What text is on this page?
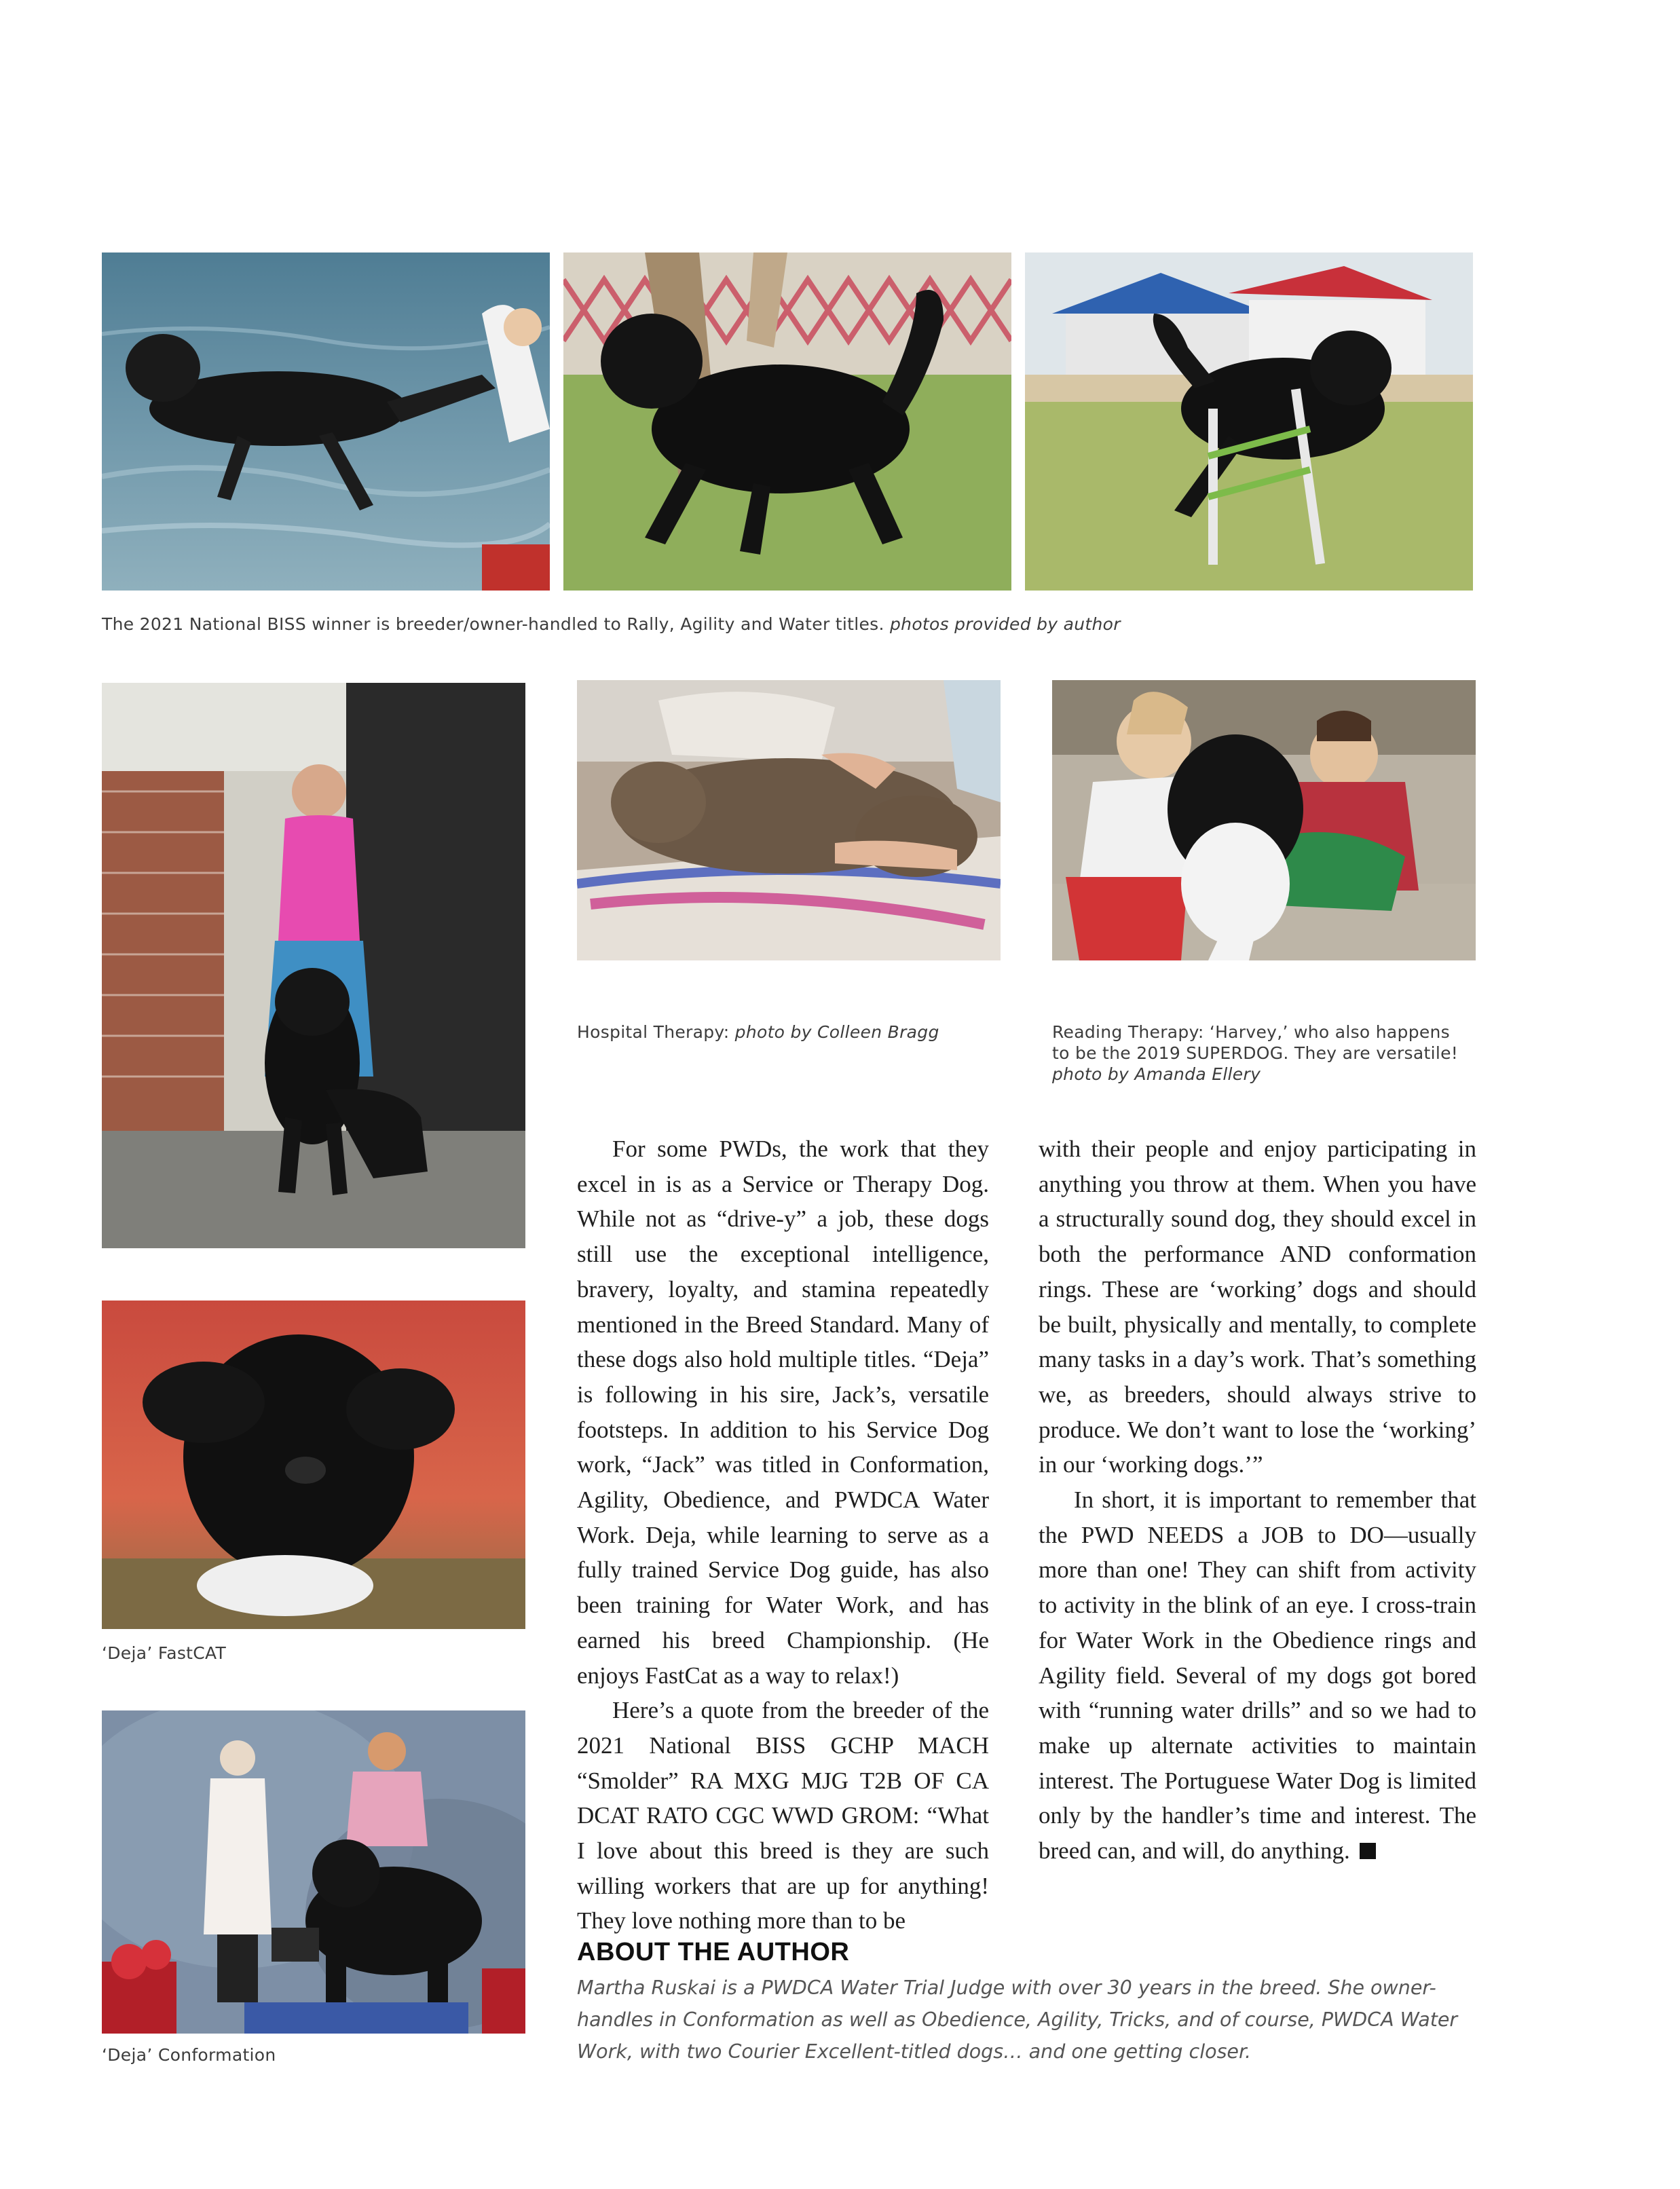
The 2021 National BISS winner is breeder/owner-handled to Rally, Agility and Water titles. photos provided by author
‘Deja’ FastCAT
‘Deja’ Conformation
Hospital Therapy: photo by Colleen Bragg	Reading Therapy: ‘Harvey,’ who also happens
to be the 2019 SUPERDOG. They are versatile!
photo by Amanda Ellery

For some PWDs, the work that they excel in is as a Service or Therapy Dog. While not as “drive-y” a job, these dogs still use the exceptional intelligence, bravery, loyalty, and stamina repeatedly mentioned in the Breed Standard. Many of these dogs also hold multiple titles. “Deja” is following in his sire, Jack’s, versatile footsteps. In addition to his Service Dog work, “Jack” was titled in Conformation, Agility, Obedience, and PWDCA Water Work. Deja, while learning to serve as a fully trained Service Dog guide, has also been training for Water Work, and has earned his breed Championship. (He enjoys FastCat as a way to relax!)

Here’s a quote from the breeder of the 2021 National BISS GCHP MACH “Smolder” RA MXG MJG T2B OF CA DCAT RATO CGC WWD GROM: “What I love about this breed is they are such willing workers that are up for anything! They love nothing more than to be

with their people and enjoy participating in anything you throw at them. When you have a structurally sound dog, they should excel in both the performance AND conformation rings. These are ‘working’ dogs and should be built, physically and mentally, to complete many tasks in a day’s work. That’s something we, as breeders, should always strive to produce. We don’t want to lose the ‘working’ in our ‘working dogs.’”

In short, it is important to remember that the PWD NEEDS a JOB to DO—usually more than one! They can shift from activity to activity in the blink of an eye. I cross-train for Water Work in the Obedience rings and Agility field. Several of my dogs got bored with “running water drills” and so we had to make up alternate activities to maintain interest. The Portuguese Water Dog is limited only by the handler’s time and interest. The breed can, and will, do anything.

ABOUT THE AUTHOR
Martha Ruskai is a PWDCA Water Trial Judge with over 30 years in the breed. She owner-handles in Conformation as well as Obedience, Agility, Tricks, and of course, PWDCA Water Work, with two Courier Excellent-titled dogs… and one getting closer.
